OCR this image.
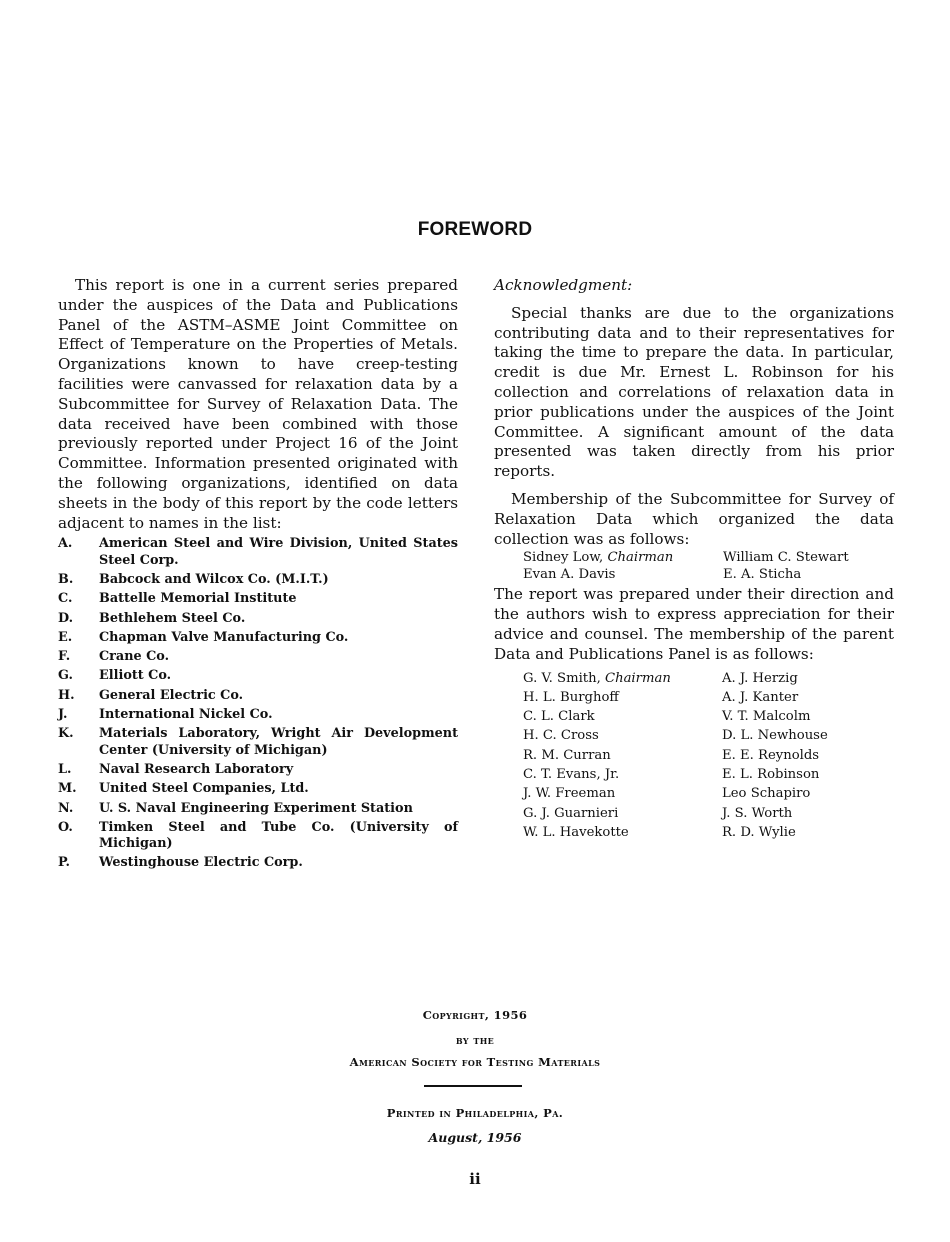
FOREWORD

This report is one in a current series prepared under the auspices of the Data and Publications Panel of the ASTM–ASME Joint Committee on Effect of Temperature on the Properties of Metals. Organizations known to have creep-testing facilities were canvassed for relaxation data by a Subcommittee for Survey of Relaxation Data. The data received have been combined with those previously reported under Project 16 of the Joint Committee. Information presented originated with the following organizations, identified on data sheets in the body of this report by the code letters adjacent to names in the list:

A.	American Steel and Wire Division, United States Steel Corp.
B.	Babcock and Wilcox Co. (M.I.T.)
C.	Battelle Memorial Institute
D.	Bethlehem Steel Co.
E.	Chapman Valve Manufacturing Co.
F.	Crane Co.
G.	Elliott Co.
H.	General Electric Co.
J.	International Nickel Co.
K.	Materials Laboratory, Wright Air Development Center (University of Michigan)
L.	Naval Research Laboratory
M.	United Steel Companies, Ltd.
N.	U. S. Naval Engineering Experiment Station
O.	Timken Steel and Tube Co. (University of Michigan)
P.	Westinghouse Electric Corp.

Acknowledgment:

Special thanks are due to the organizations contributing data and to their representatives for taking the time to prepare the data. In particular, credit is due Mr. Ernest L. Robinson for his collection and correlations of relaxation data in prior publications under the auspices of the Joint Committee. A significant amount of the data presented was taken directly from his prior reports.

Membership of the Subcommittee for Survey of Relaxation Data which organized the data collection was as follows:

Sidney Low, Chairman	William C. Stewart
Evan A. Davis	E. A. Sticha

The report was prepared under their direction and the authors wish to express appreciation for their advice and counsel. The membership of the parent Data and Publications Panel is as follows:

G. V. Smith, Chairman	A. J. Herzig
H. L. Burghoff	A. J. Kanter
C. L. Clark	V. T. Malcolm
H. C. Cross	D. L. Newhouse
R. M. Curran	E. E. Reynolds
C. T. Evans, Jr.	E. L. Robinson
J. W. Freeman	Leo Schapiro
G. J. Guarnieri	J. S. Worth
W. L. Havekotte	R. D. Wylie
Copyright, 1956
by the
American Society for Testing Materials
Printed in Philadelphia, Pa.
August, 1956
ii
